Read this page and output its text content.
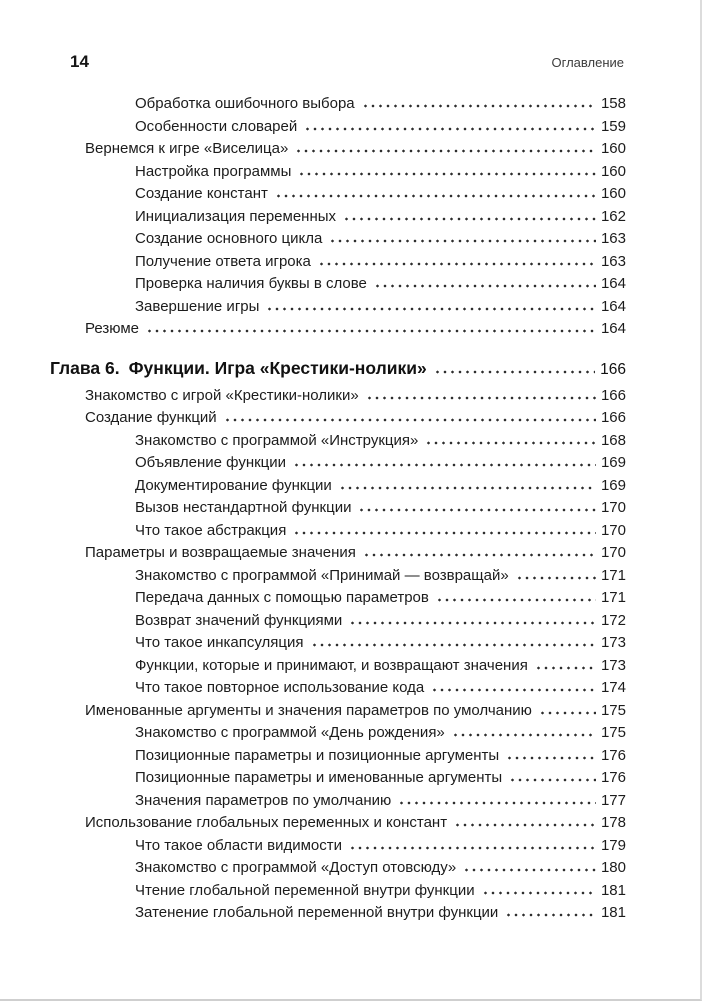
14	Оглавление
Обработка ошибочного выбора	158
Особенности словарей	159
Вернемся к игре «Виселица»	160
Настройка программы	160
Создание констант	160
Инициализация переменных	162
Создание основного цикла	163
Получение ответа игрока	163
Проверка наличия буквы в слове	164
Завершение игры	164
Резюме	164
Глава 6. Функции. Игра «Крестики-нолики»	166
Знакомство с игрой «Крестики-нолики»	166
Создание функций	166
Знакомство с программой «Инструкция»	168
Объявление функции	169
Документирование функции	169
Вызов нестандартной функции	170
Что такое абстракция	170
Параметры и возвращаемые значения	170
Знакомство с программой «Принимай — возвращай»	171
Передача данных с помощью параметров	171
Возврат значений функциями	172
Что такое инкапсуляция	173
Функции, которые и принимают, и возвращают значения	173
Что такое повторное использование кода	174
Именованные аргументы и значения параметров по умолчанию	175
Знакомство с программой «День рождения»	175
Позиционные параметры и позиционные аргументы	176
Позиционные параметры и именованные аргументы	176
Значения параметров по умолчанию	177
Использование глобальных переменных и констант	178
Что такое области видимости	179
Знакомство с программой «Доступ отовсюду»	180
Чтение глобальной переменной внутри функции	181
Затенение глобальной переменной внутри функции	181
